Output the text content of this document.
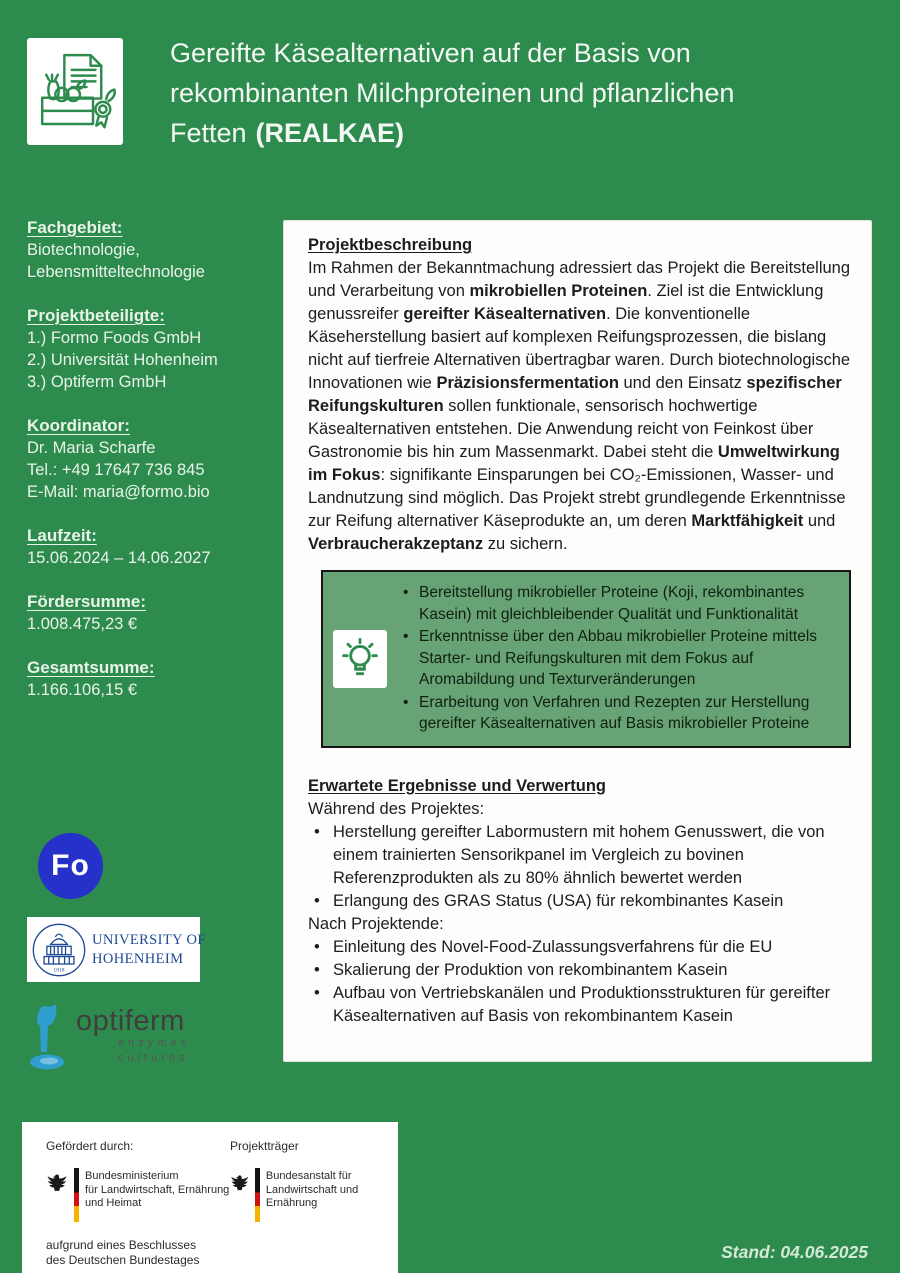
Gereifte Käsealternativen auf der Basis von
rekombinanten Milchproteinen und pflanzlichen
Fetten (REALKAE)
Fachgebiet:
Biotechnologie,
Lebensmitteltechnologie
Projektbeteiligte:
1.) Formo Foods GmbH
2.) Universität Hohenheim
3.) Optiferm GmbH
Koordinator:
Dr. Maria Scharfe
Tel.: +49 17647 736 845
E-Mail: maria@formo.bio
Laufzeit:
15.06.2024 – 14.06.2027
Fördersumme:
1.008.475,23 €
Gesamtsumme:
1.166.106,15 €
Projektbeschreibung
Im Rahmen der Bekanntmachung adressiert das Projekt die Bereitstellung und Verarbeitung von mikrobiellen Proteinen. Ziel ist die Entwicklung genussreifer gereifter Käsealternativen. Die konventionelle Käseherstellung basiert auf komplexen Reifungsprozessen, die bislang nicht auf tierfreie Alternativen übertragbar waren. Durch biotechnologische Innovationen wie Präzisionsfermentation und den Einsatz spezifischer Reifungskulturen sollen funktionale, sensorisch hochwertige Käsealternativen entstehen. Die Anwendung reicht von Feinkost über Gastronomie bis hin zum Massenmarkt. Dabei steht die Umweltwirkung im Fokus: signifikante Einsparungen bei CO₂-Emissionen, Wasser- und Landnutzung sind möglich. Das Projekt strebt grundlegende Erkenntnisse zur Reifung alternativer Käseprodukte an, um deren Marktfähigkeit und Verbraucherakzeptanz zu sichern.
• Bereitstellung mikrobieller Proteine (Koji, rekombinantes Kasein) mit gleichbleibender Qualität und Funktionalität
• Erkenntnisse über den Abbau mikrobieller Proteine mittels Starter- und Reifungskulturen mit dem Fokus auf Aromabildung und Texturveränderungen
• Erarbeitung von Verfahren und Rezepten zur Herstellung gereifter Käsealternativen auf Basis mikrobieller Proteine
Erwartete Ergebnisse und Verwertung
Während des Projektes:
• Herstellung gereifter Labormustern mit hohem Genusswert, die von einem trainierten Sensorikpanel im Vergleich zu bovinen Referenzprodukten als zu 80% ähnlich bewertet werden
• Erlangung des GRAS Status (USA) für rekombinantes Kasein
Nach Projektende:
• Einleitung des Novel-Food-Zulassungsverfahrens für die EU
• Skalierung der Produktion von rekombinantem Kasein
• Aufbau von Vertriebskanälen und Produktionsstrukturen für gereifter Käsealternativen auf Basis von rekombinantem Kasein
Fo
1818
UNIVERSITY OF
HOHENHEIM
optiferm
enzymes
cultures
Gefördert durch:
Bundesministerium
für Landwirtschaft, Ernährung
und Heimat
aufgrund eines Beschlusses
des Deutschen Bundestages
Projektträger
Bundesanstalt für
Landwirtschaft und Ernährung
Stand: 04.06.2025
